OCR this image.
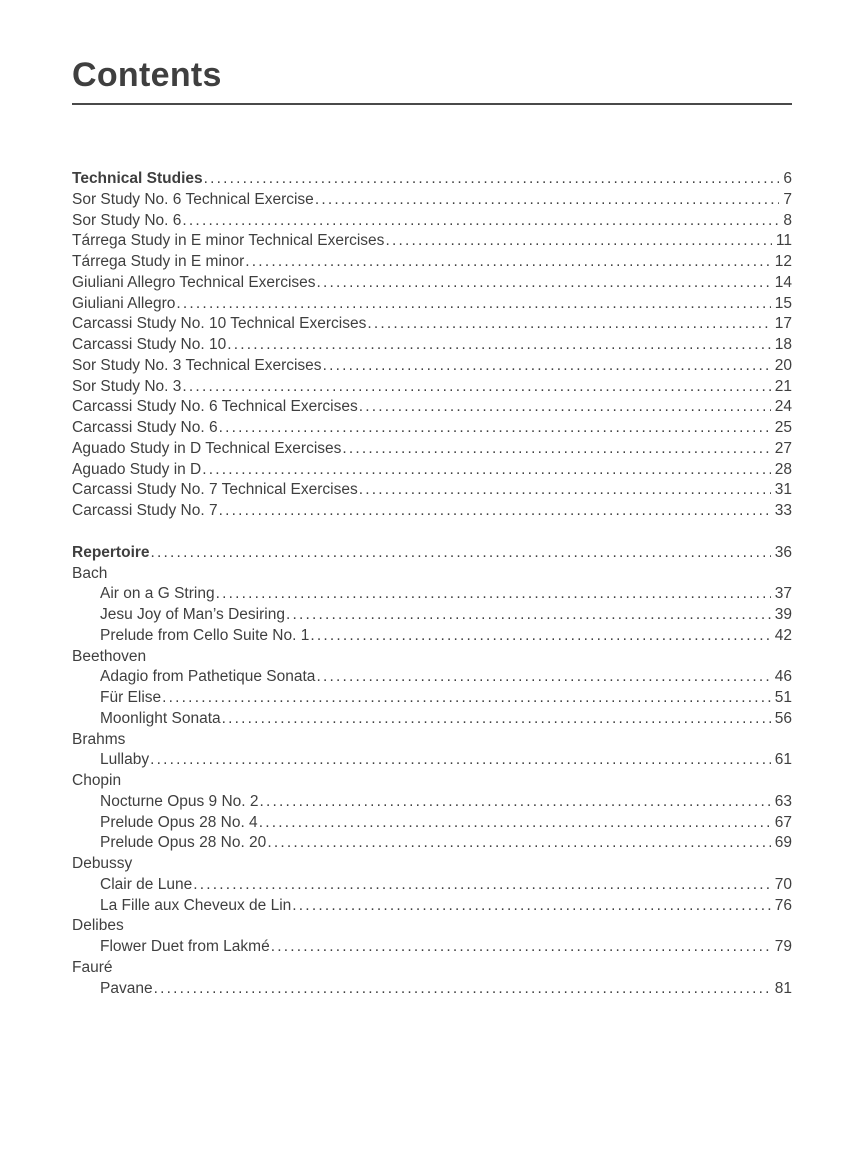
Contents
Technical Studies .....	6
Sor Study No. 6 Technical Exercise .....	7
Sor Study No. 6 .....	8
Tárrega Study in E minor Technical Exercises .....	11
Tárrega Study in E minor .....	12
Giuliani Allegro Technical Exercises .....	14
Giuliani Allegro .....	15
Carcassi Study No. 10 Technical Exercises .....	17
Carcassi Study No. 10 .....	18
Sor Study No. 3 Technical Exercises .....	20
Sor Study No. 3 .....	21
Carcassi Study No. 6 Technical Exercises .....	24
Carcassi Study No. 6 .....	25
Aguado Study in D Technical Exercises .....	27
Aguado Study in D .....	28
Carcassi Study No. 7 Technical Exercises .....	31
Carcassi Study No. 7 .....	33
Repertoire .....	36
Bach
Air on a G String .....	37
Jesu Joy of Man’s Desiring .....	39
Prelude from Cello Suite No. 1 .....	42
Beethoven
Adagio from Pathetique Sonata .....	46
Für Elise .....	51
Moonlight Sonata .....	56
Brahms
Lullaby .....	61
Chopin
Nocturne Opus 9 No. 2 .....	63
Prelude Opus 28 No. 4 .....	67
Prelude Opus 28 No. 20 .....	69
Debussy
Clair de Lune .....	70
La Fille aux Cheveux de Lin .....	76
Delibes
Flower Duet from Lakmé .....	79
Fauré
Pavane .....	81
